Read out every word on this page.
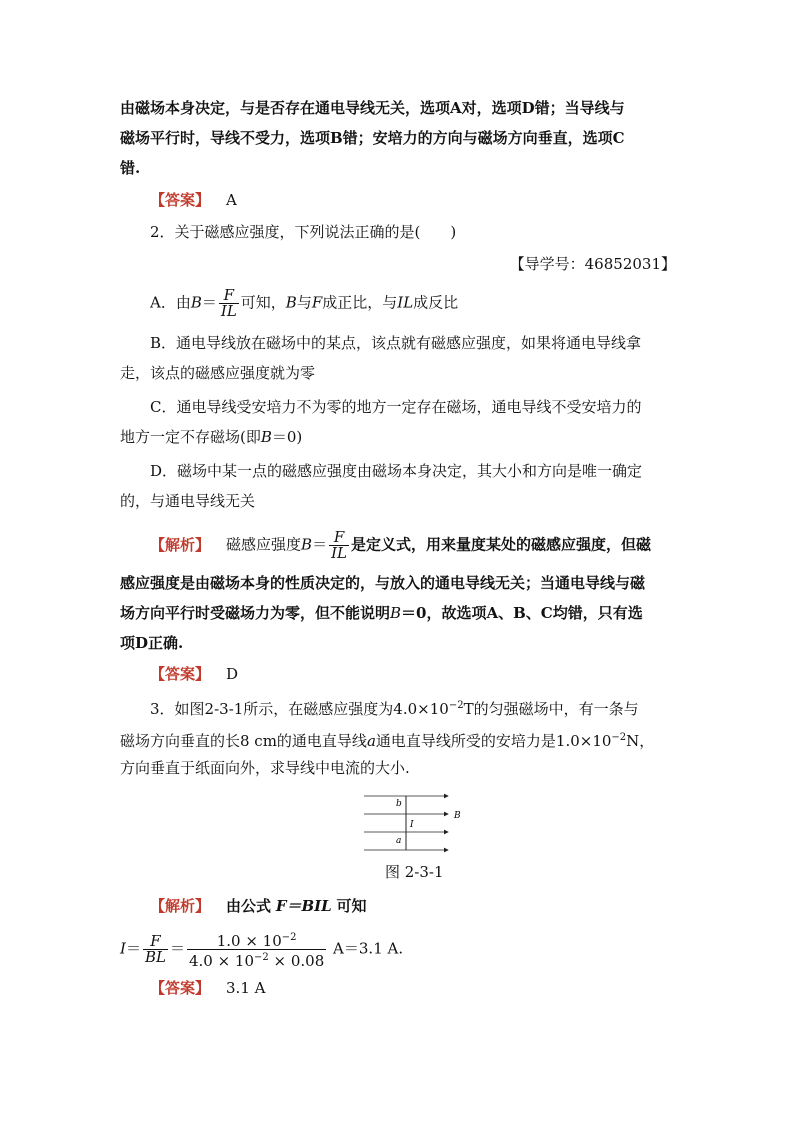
由磁场本身决定，与是否存在通电导线无关，选项A对，选项D错；当导线与
磁场平行时，导线不受力，选项B错；安培力的方向与磁场方向垂直，选项C
错.
【答案】 A
2．关于磁感应强度，下列说法正确的是(　　)
【导学号：46852031】
A．由$B= \frac{F}{IL}$ 可知，B与F成正比，与IL成反比
B．通电导线放在磁场中的某点，该点就有磁感应强度，如果将通电导线拿
走，该点的磁感应强度就为零
C．通电导线受安培力不为零的地方一定存在磁场，通电导线不受安培力的
地方一定不存磁场(即B＝0)
D．磁场中某一点的磁感应强度由磁场本身决定，其大小和方向是唯一确定
的，与通电导线无关
【解析】 磁感应强度$B= \frac{F}{IL}$ 是定义式，用来量度某处的磁感应强度，但磁
感应强度是由磁场本身的性质决定的，与放入的通电导线无关；当通电导线与磁
场方向平行时受磁场力为零，但不能说明B＝0，故选项A、B、C均错，只有选
项D正确.
【答案】 D
3．如图2-3-1所示，在磁感应强度为$4.0\times 10^{-2}T$的匀强磁场中，有一条与
磁场方向垂直的长8 cm的通电直导线a通电直导线所受的安培力是$1.0\times 10^{-2}N$，
方向垂直于纸面向外，求导线中电流的大小.
b
I
B
a
图 2-3-1
【解析】 由公式 F＝BIL 可知
$I= \frac{F}{BL} = \frac{1.0 \times 10^{-2}}{4.0 \times 10^{-2} \times 0.08} A=3.1$ A.
【答案】 3.1 A
